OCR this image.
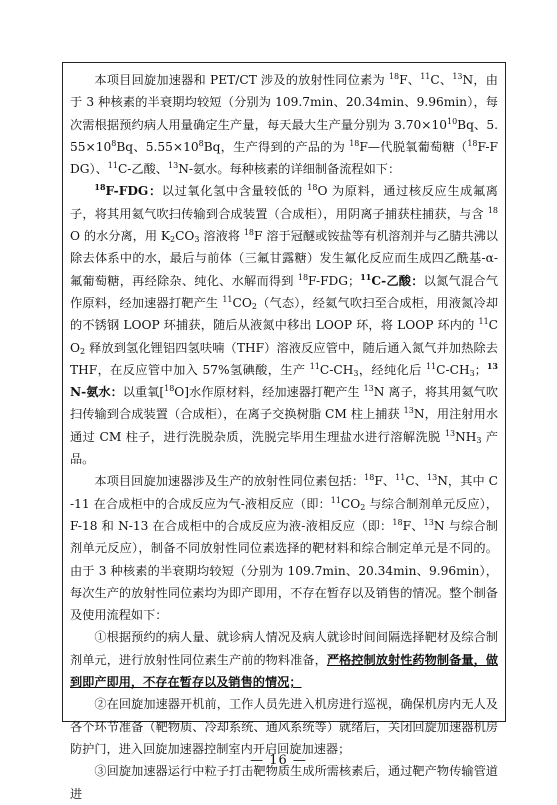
本项目回旋加速器和 PET/CT 涉及的放射性同位素为 $^{18}$F、$^{11}$C、$^{13}$N，由于 3 种核素的半衰期均较短（分别为 109.7min、20.34min、9.96min），每次需根据预约病人用量确定生产量，每天最大生产量分别为 $3.70\times 10^{10}Bq$、$5.55\times 10^8Bq$、$5.55\times 10^8Bq$，生产得到的产品的为 $^{18}$F—代脱氧葡萄糖（$^{18}$F-FDG）、$^{11}$C-乙酸、$^{13}$N-氨水。每种核素的详细制备流程如下：

$^{18}$F-FDG：以过氧化氢中含量较低的 $^{18}$O 为原料，通过核反应生成氟离子，将其用氦气吹扫传输到合成装置（合成柜），用阴离子捕获柱捕获，与含 $^{18}$O 的水分离，用 $K_2CO_3$ 溶液将 $^{18}$F 溶于冠醚或铵盐等有机溶剂并与乙腈共沸以除去体系中的水，最后与前体（三氟甘露糖）发生氟化反应而生成四乙酰基-α-氟葡萄糖，再经除杂、纯化、水解而得到 $^{18}$F-FDG；$^{11}$C-乙酸：以氮气混合气作原料，经加速器打靶产生 $^{11}CO_2$（气态），经氦气吹扫至合成柜，用液氮冷却的不锈钢 LOOP 环捕获，随后从液氮中移出 LOOP 环，将 LOOP 环内的 $^{11}CO_2$ 释放到氢化锂铝四氢呋喃（THF）溶液反应管中，随后通入氮气并加热除去 THF，在反应管中加入 57%氢碘酸，生产 $^{11}C-CH_3$，经纯化后 $^{11}C-CH_3$；$^{13}$N-氨水：以重氧[$^{18}$O]水作原材料，经加速器打靶产生 $^{13}$N 离子，将其用氦气吹扫传输到合成装置（合成柜），在离子交换树脂 CM 柱上捕获 $^{13}$N，用注射用水通过 CM 柱子，进行洗脱杂质，洗脱完毕用生理盐水进行溶解洗脱 $^{13}NH_3$ 产品。

本项目回旋加速器涉及生产的放射性同位素包括：$^{18}$F、$^{11}$C、$^{13}$N，其中 C-11 在合成柜中的合成反应为气-液相反应（即：$^{11}CO_2$ 与综合制剂单元反应），F-18 和 N-13 在合成柜中的合成反应为液-液相反应（即：$^{18}$F、$^{13}$N 与综合制剂单元反应），制备不同放射性同位素选择的靶材料和综合制定单元是不同的。由于 3 种核素的半衰期均较短（分别为 109.7min、20.34min、9.96min），每次生产的放射性同位素均为即产即用，不存在暂存以及销售的情况。整个制备及使用流程如下：

①根据预约的病人量、就诊病人情况及病人就诊时间间隔选择靶材及综合制剂单元，进行放射性同位素生产前的物料准备，严格控制放射性药物制备量，做到即产即用，不存在暂存以及销售的情况；

②在回旋加速器开机前，工作人员先进入机房进行巡视，确保机房内无人及各个环节准备（靶物质、冷却系统、通风系统等）就绪后，关闭回旋加速器机房防护门，进入回旋加速器控制室内开启回旋加速器；

③回旋加速器运行中粒子打击靶物质生成所需核素后，通过靶产物传输管道进

— 16 —
